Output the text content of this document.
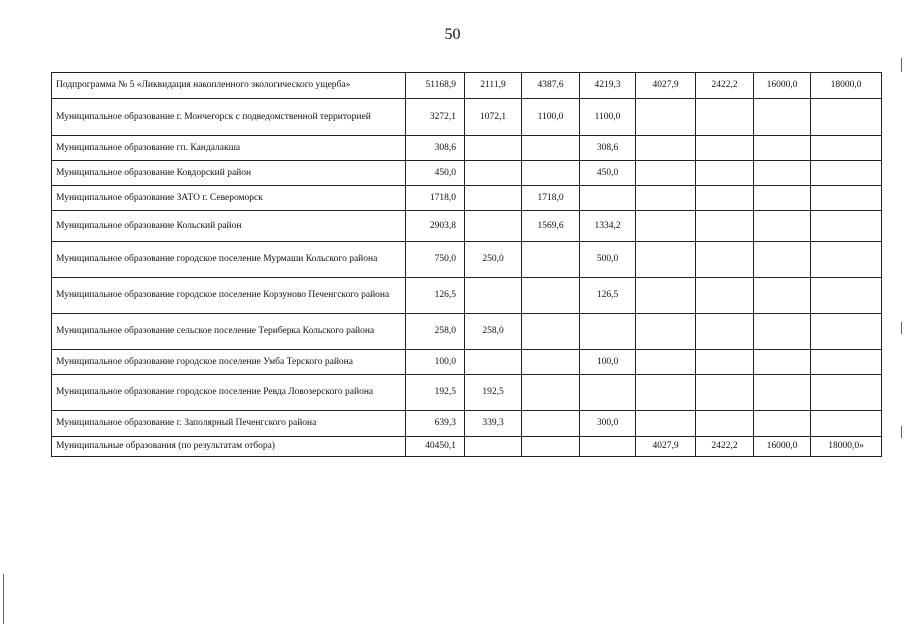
50
Подпрограмма № 5 «Ликвидация накопленного экологического ущерба»	51168,9	2111,9	4387,6	4219,3	4027,9	2422,2	16000,0	18000,0
Муниципальное образование г. Мончегорск с подведомственной территорией	3272,1	1072,1	1100,0	1100,0				
Муниципальное образование гп. Кандалакша	308,6			308,6				
Муниципальное образование Ковдорский район	450,0			450,0				
Муниципальное образование ЗАТО г. Североморск	1718,0		1718,0					
Муниципальное образование Кольский район	2903,8		1569,6	1334,2				
Муниципальное образование городское поселение Мурмаши Кольского района	750,0	250,0		500,0				
Муниципальное образование городское поселение Корзуново Печенгского района	126,5			126,5				
Муниципальное образование сельское поселение Териберка Кольского района	258,0	258,0						
Муниципальное образование городское поселение Умба Терского района	100,0			100,0				
Муниципальное образование городское поселение Ревда Ловозерского района	192,5	192,5						
Муниципальное образование г. Заполярный Печенгского района	639,3	339,3		300,0				
Муниципальные образования (по результатам отбора)	40450,1				4027,9	2422,2	16000,0	18000,0»
